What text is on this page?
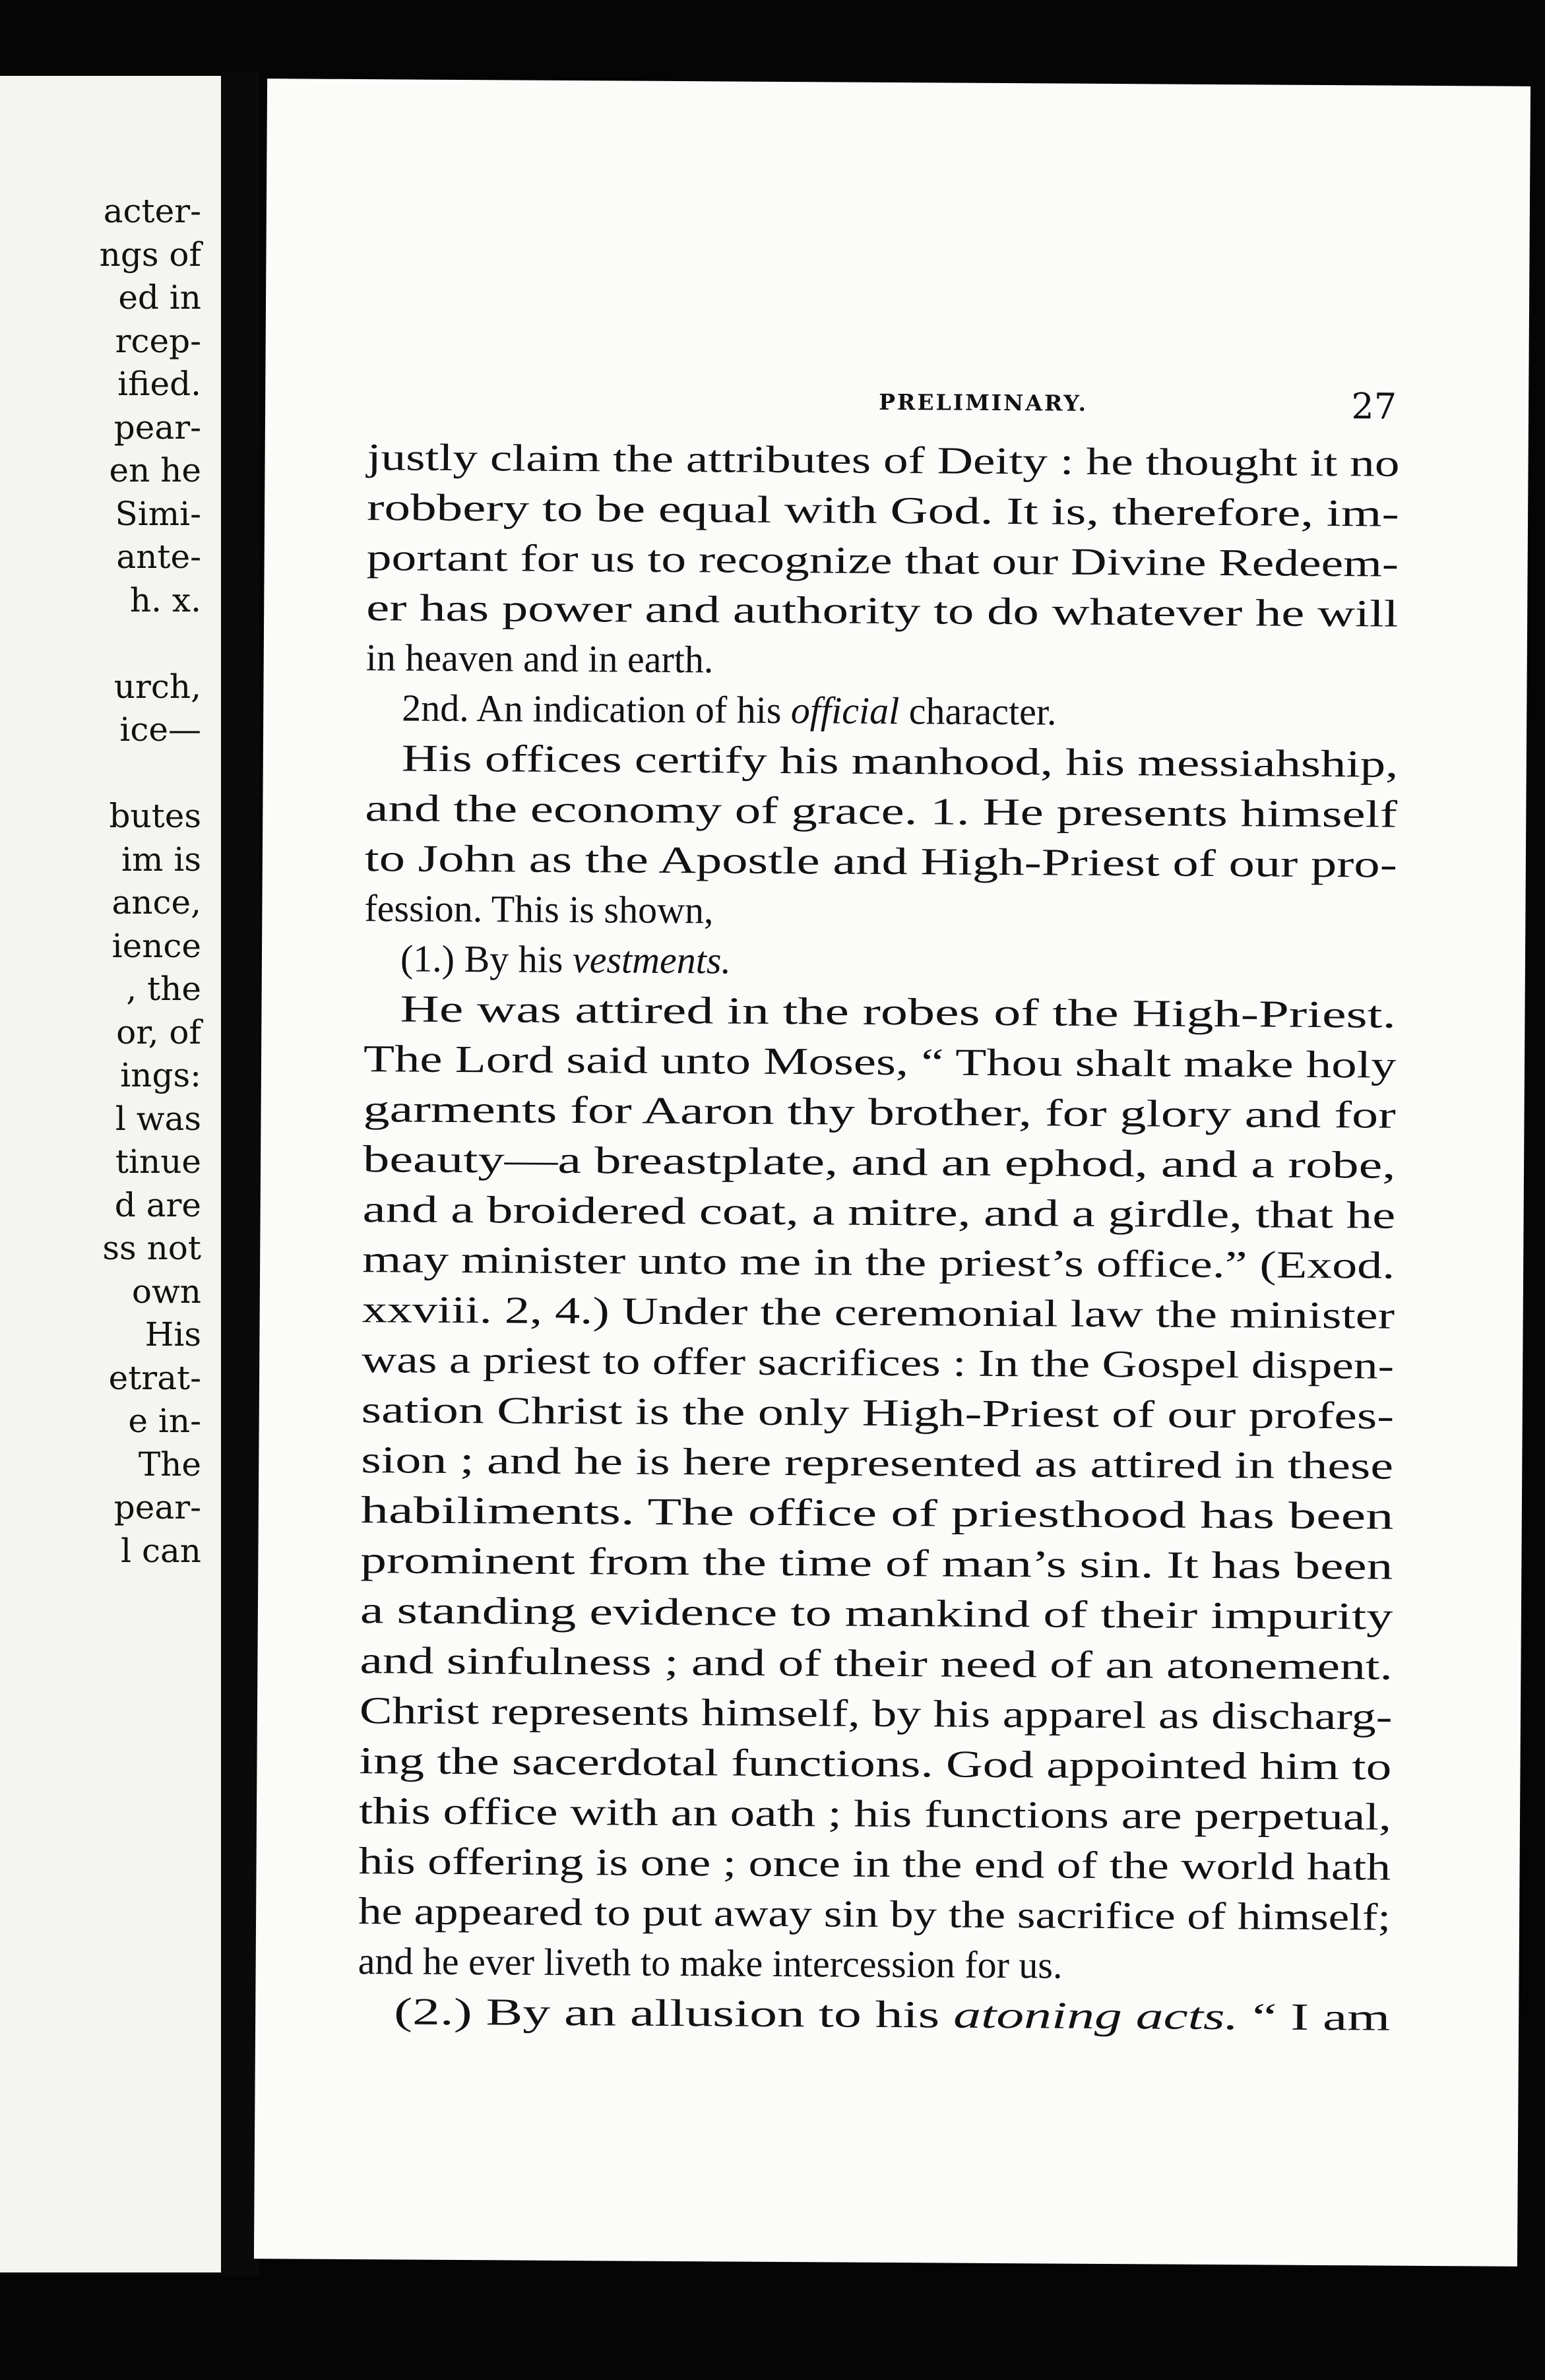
acter-
ngs of
ed in
rcep-
ified.
pear-
en he
Simi-
ante-
h. x.
urch,
ice—
butes
im is
ance,
ience
, the
or, of
ings:
l was
tinue
d are
ss not
own
His
etrat-
e in-
The
pear-
l can
PRELIMINARY.	27
justly claim the attributes of Deity : he thought it no
robbery to be equal with God. It is, therefore, im-
portant for us to recognize that our Divine Redeem-
er has power and authority to do whatever he will
in heaven and in earth.
2nd. An indication of his official character.
His offices certify his manhood, his messiahship,
and the economy of grace. 1. He presents himself
to John as the Apostle and High-Priest of our pro-
fession. This is shown,
(1.) By his vestments.
He was attired in the robes of the High-Priest.
The Lord said unto Moses, “ Thou shalt make holy
garments for Aaron thy brother, for glory and for
beauty—a breastplate, and an ephod, and a robe,
and a broidered coat, a mitre, and a girdle, that he
may minister unto me in the priest’s office.” (Exod.
xxviii. 2, 4.) Under the ceremonial law the minister
was a priest to offer sacrifices : In the Gospel dispen-
sation Christ is the only High-Priest of our profes-
sion ; and he is here represented as attired in these
habiliments. The office of priesthood has been
prominent from the time of man’s sin. It has been
a standing evidence to mankind of their impurity
and sinfulness ; and of their need of an atonement.
Christ represents himself, by his apparel as discharg-
ing the sacerdotal functions. God appointed him to
this office with an oath ; his functions are perpetual,
his offering is one ; once in the end of the world hath
he appeared to put away sin by the sacrifice of himself;
and he ever liveth to make intercession for us.
(2.) By an allusion to his atoning acts. “ I am
